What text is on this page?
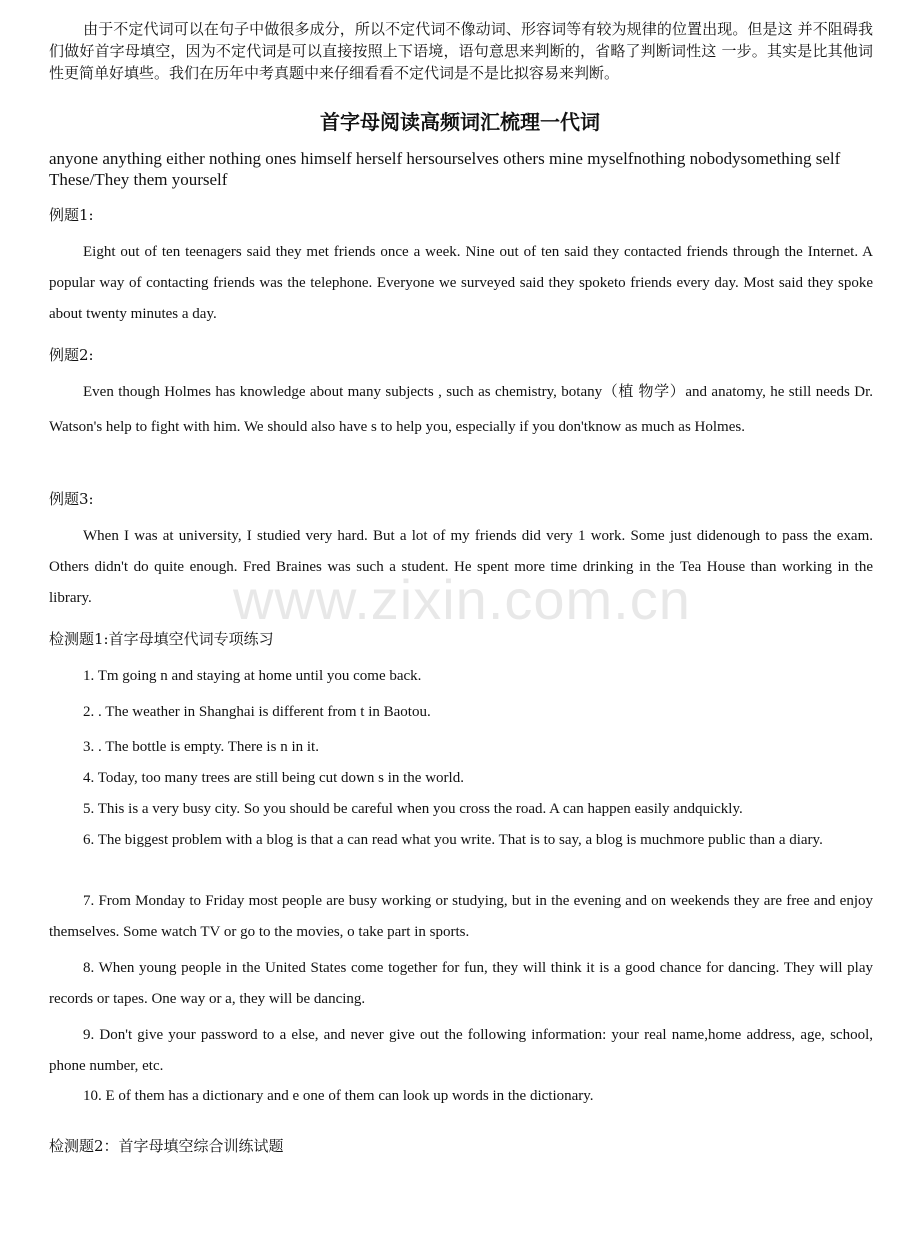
由于不定代词可以在句子中做很多成分，所以不定代词不像动词、形容词等有较为规律的位置出现。但是这 并不阻碍我们做好首字母填空，因为不定代词是可以直接按照上下语境，语句意思来判断的，省略了判断词性这 一步。其实是比其他词性更简单好填些。我们在历年中考真题中来仔细看看不定代词是不是比拟容易来判断。
首字母阅读高频词汇梳理一代词
anyone anything either nothing ones himself herself hersourselves others mine myselfnothing nobodysomething self These/They them yourself
例题1:
Eight out of ten teenagers said they met friends once a week. Nine out of ten said they contacted friends through the Internet. A popular way of contacting friends was the telephone. Everyone we surveyed said they spoketo friends every day. Most said they spoke about twenty minutes a day.
例题2:
Even though Holmes has knowledge about many subjects , such as chemistry, botany（植 物学）and anatomy, he still needs Dr. Watson's help to fight with him. We should also have s to help you, especially if you don'tknow as much as Holmes.
例题3:
When I was at university, I studied very hard. But a lot of my friends did very 1 work. Some just didenough to pass the exam. Others didn't do quite enough. Fred Braines was such a student. He spent more time drinking in the Tea House than working in the library.
检测题1:首字母填空代词专项练习
1. Tm going n and staying at home until you come back.
2. . The weather in Shanghai is different from t in Baotou.
3. . The bottle is empty. There is n in it.
4. Today, too many trees are still being cut down s in the world.
5. This is a very busy city. So you should be careful when you cross the road. A can happen easily andquickly.
6. The biggest problem with a blog is that a can read what you write. That is to say, a blog is muchmore public than a diary.
7. From Monday to Friday most people are busy working or studying, but in the evening and on weekends they are free and enjoy themselves. Some watch TV or go to the movies, o take part in sports.
8. When young people in the United States come together for fun, they will think it is a good chance for dancing. They will play records or tapes. One way or a, they will be dancing.
9. Don't give your password to a else, and never give out the following information: your real name,home address, age, school, phone number, etc.
10. E of them has a dictionary and e one of them can look up words in the dictionary.
检测题2：首字母填空综合训练试题
www.zixin.com.cn
